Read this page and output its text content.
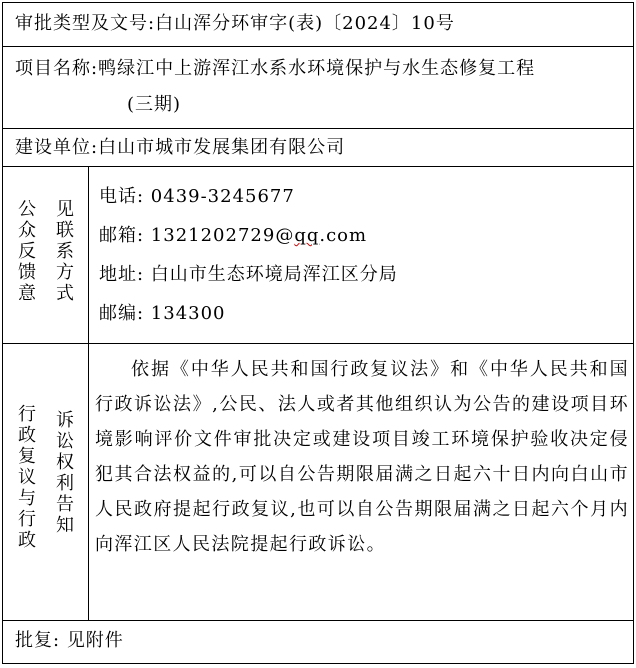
审批类型及文号:白山浑分环审字(表)〔2024〕10号
项目名称:鸭绿江中上游浑江水系水环境保护与水生态修复工程
(三期)
建设单位:白山市城市发展集团有限公司
公众反馈意
见联系方式
电话: 0439-3245677
邮箱: 1321202729@qq.com
地址: 白山市生态环境局浑江区分局
邮编: 134300
行政复议与行政
诉讼权利告知
依据《中华人民共和国行政复议法》和《中华人民共和国行政诉讼法》,公民、法人或者其他组织认为公告的建设项目环境影响评价文件审批决定或建设项目竣工环境保护验收决定侵犯其合法权益的,可以自公告期限届满之日起六十日内向白山市人民政府提起行政复议,也可以自公告期限届满之日起六个月内向浑江区人民法院提起行政诉讼。
批复: 见附件
